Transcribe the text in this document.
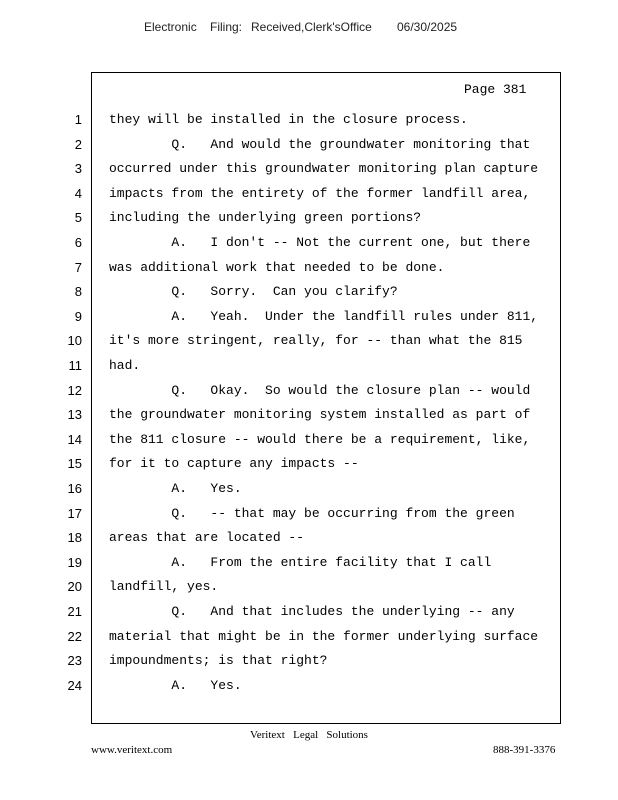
Electronic Filing: Received,Clerk'sOffice 06/30/2025
Page 381
1 they will be installed in the closure process.
2 Q.   And would the groundwater monitoring that
3 occurred under this groundwater monitoring plan capture
4 impacts from the entirety of the former landfill area,
5 including the underlying green portions?
6 A.   I don't -- Not the current one, but there
7 was additional work that needed to be done.
8 Q.   Sorry.  Can you clarify?
9 A.   Yeah.  Under the landfill rules under 811,
10 it's more stringent, really, for -- than what the 815
11 had.
12 Q.   Okay.  So would the closure plan -- would
13 the groundwater monitoring system installed as part of
14 the 811 closure -- would there be a requirement, like,
15 for it to capture any impacts --
16 A.   Yes.
17 Q.   -- that may be occurring from the green
18 areas that are located --
19 A.   From the entire facility that I call
20 landfill, yes.
21 Q.   And that includes the underlying -- any
22 material that might be in the former underlying surface
23 impoundments; is that right?
24 A.   Yes.
Veritext   Legal   Solutions
www.veritext.com	888-391-3376
